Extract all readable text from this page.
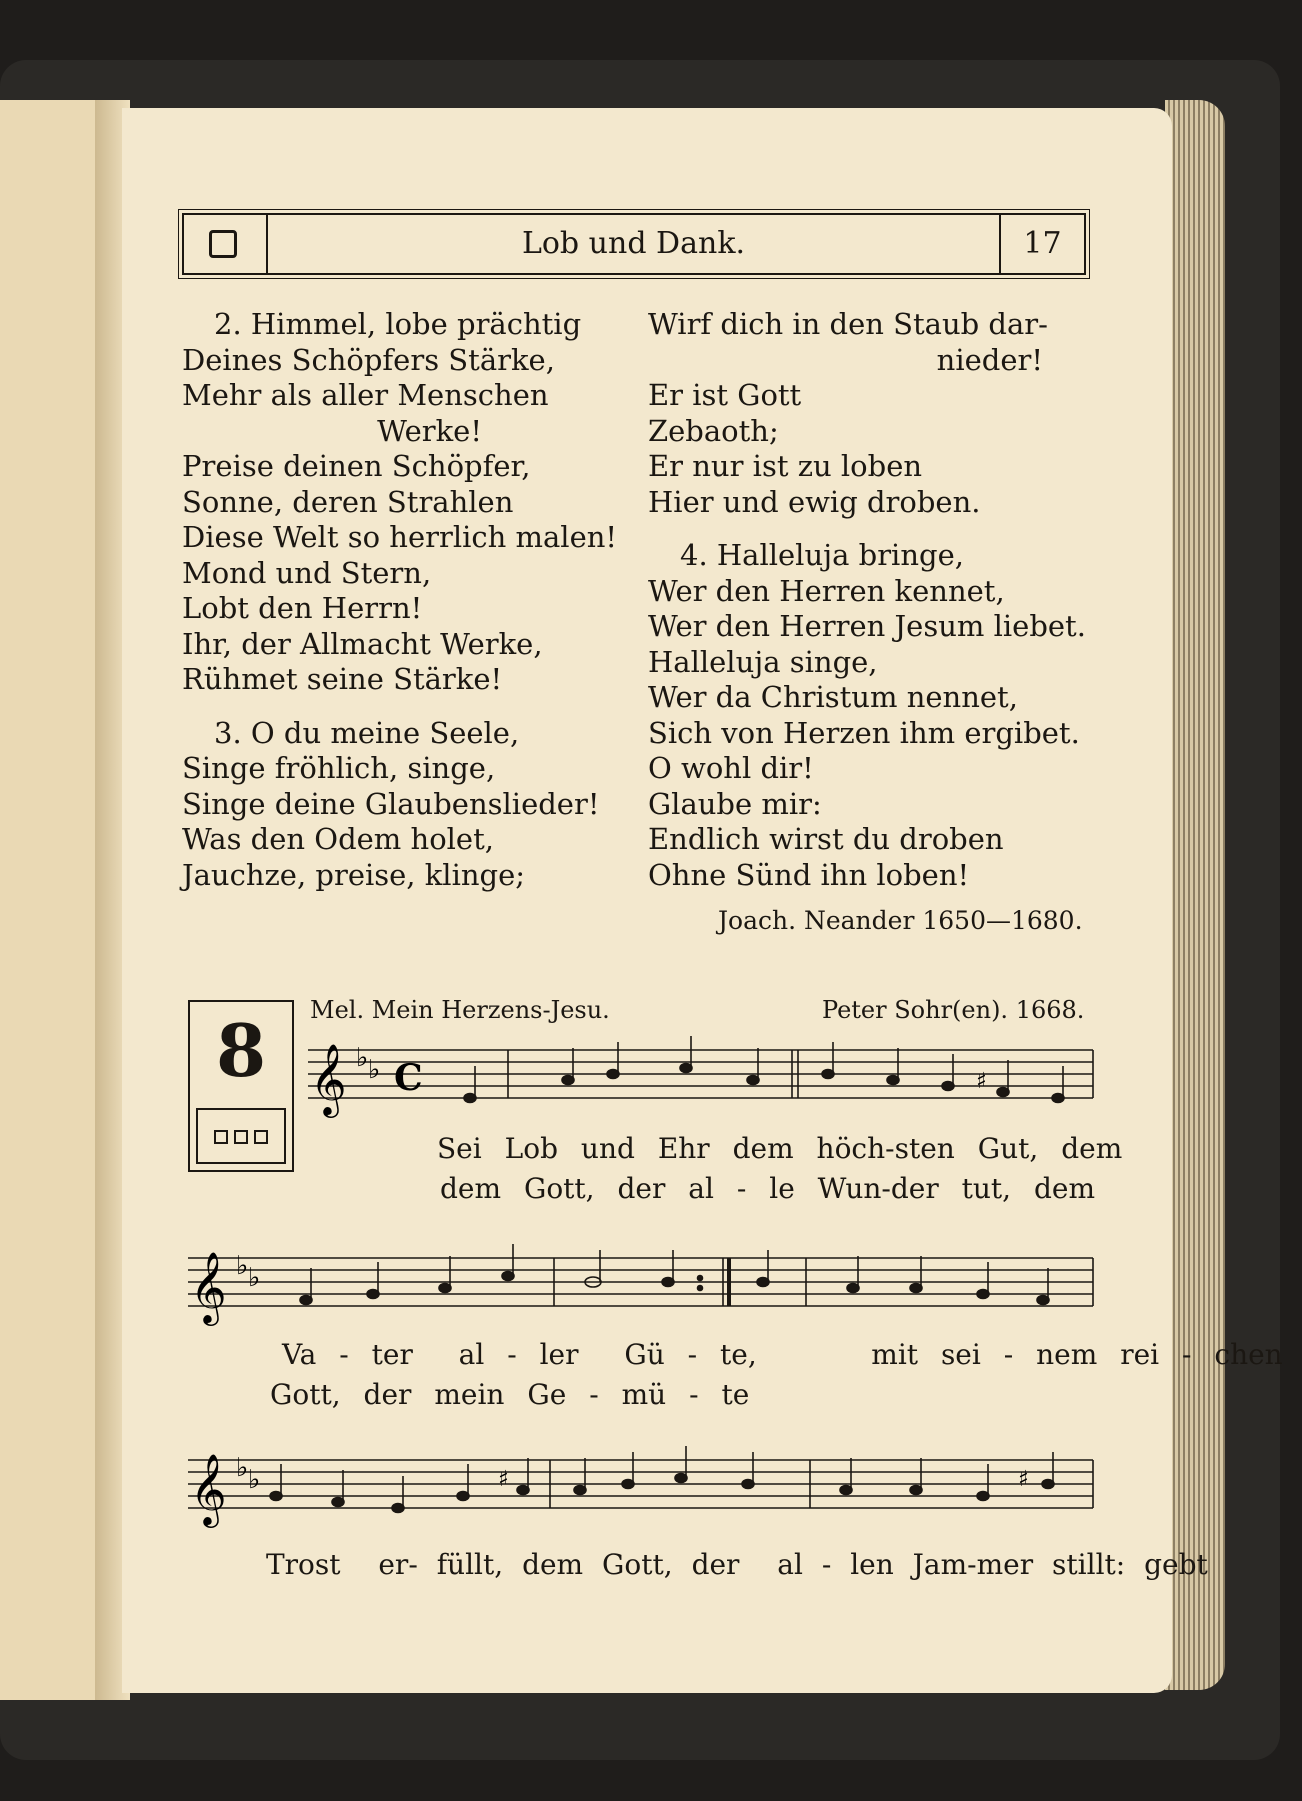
Lob und Dank.	17
2. Himmel, lobe prächtig
Deines Schöpfers Stärke,
Mehr als aller Menschen
Werke!
Preise deinen Schöpfer,
Sonne, deren Strahlen
Diese Welt so herrlich malen!
Mond und Stern,
Lobt den Herrn!
Ihr, der Allmacht Werke,
Rühmet seine Stärke!
3. O du meine Seele,
Singe fröhlich, singe,
Singe deine Glaubenslieder!
Was den Odem holet,
Jauchze, preise, klinge;
Wirf dich in den Staub dar-
nieder!
Er ist Gott
Zebaoth;
Er nur ist zu loben
Hier und ewig droben.
4. Halleluja bringe,
Wer den Herren kennet,
Wer den Herren Jesum liebet.
Halleluja singe,
Wer da Christum nennet,
Sich von Herzen ihm ergibet.
O wohl dir!
Glaube mir:
Endlich wirst du droben
Ohne Sünd ihn loben!
Joach. Neander 1650—1680.
8	Mel. Mein Herzens-Jesu.	Peter Sohr(en). 1668.
𝄞 ♭ ♭ C	♯
Sei Lob und Ehr dem höch-sten Gut, dem
dem Gott, der al - le Wun-der tut, dem
𝄞 ♭ ♭
Va - ter al - ler Gü - te,	mit sei - nem rei - chen
Gott, der mein Ge - mü - te
𝄞 ♭ ♭	♯	♯
Trost er- füllt, dem Gott, der al - len Jam-mer stillt: gebt
